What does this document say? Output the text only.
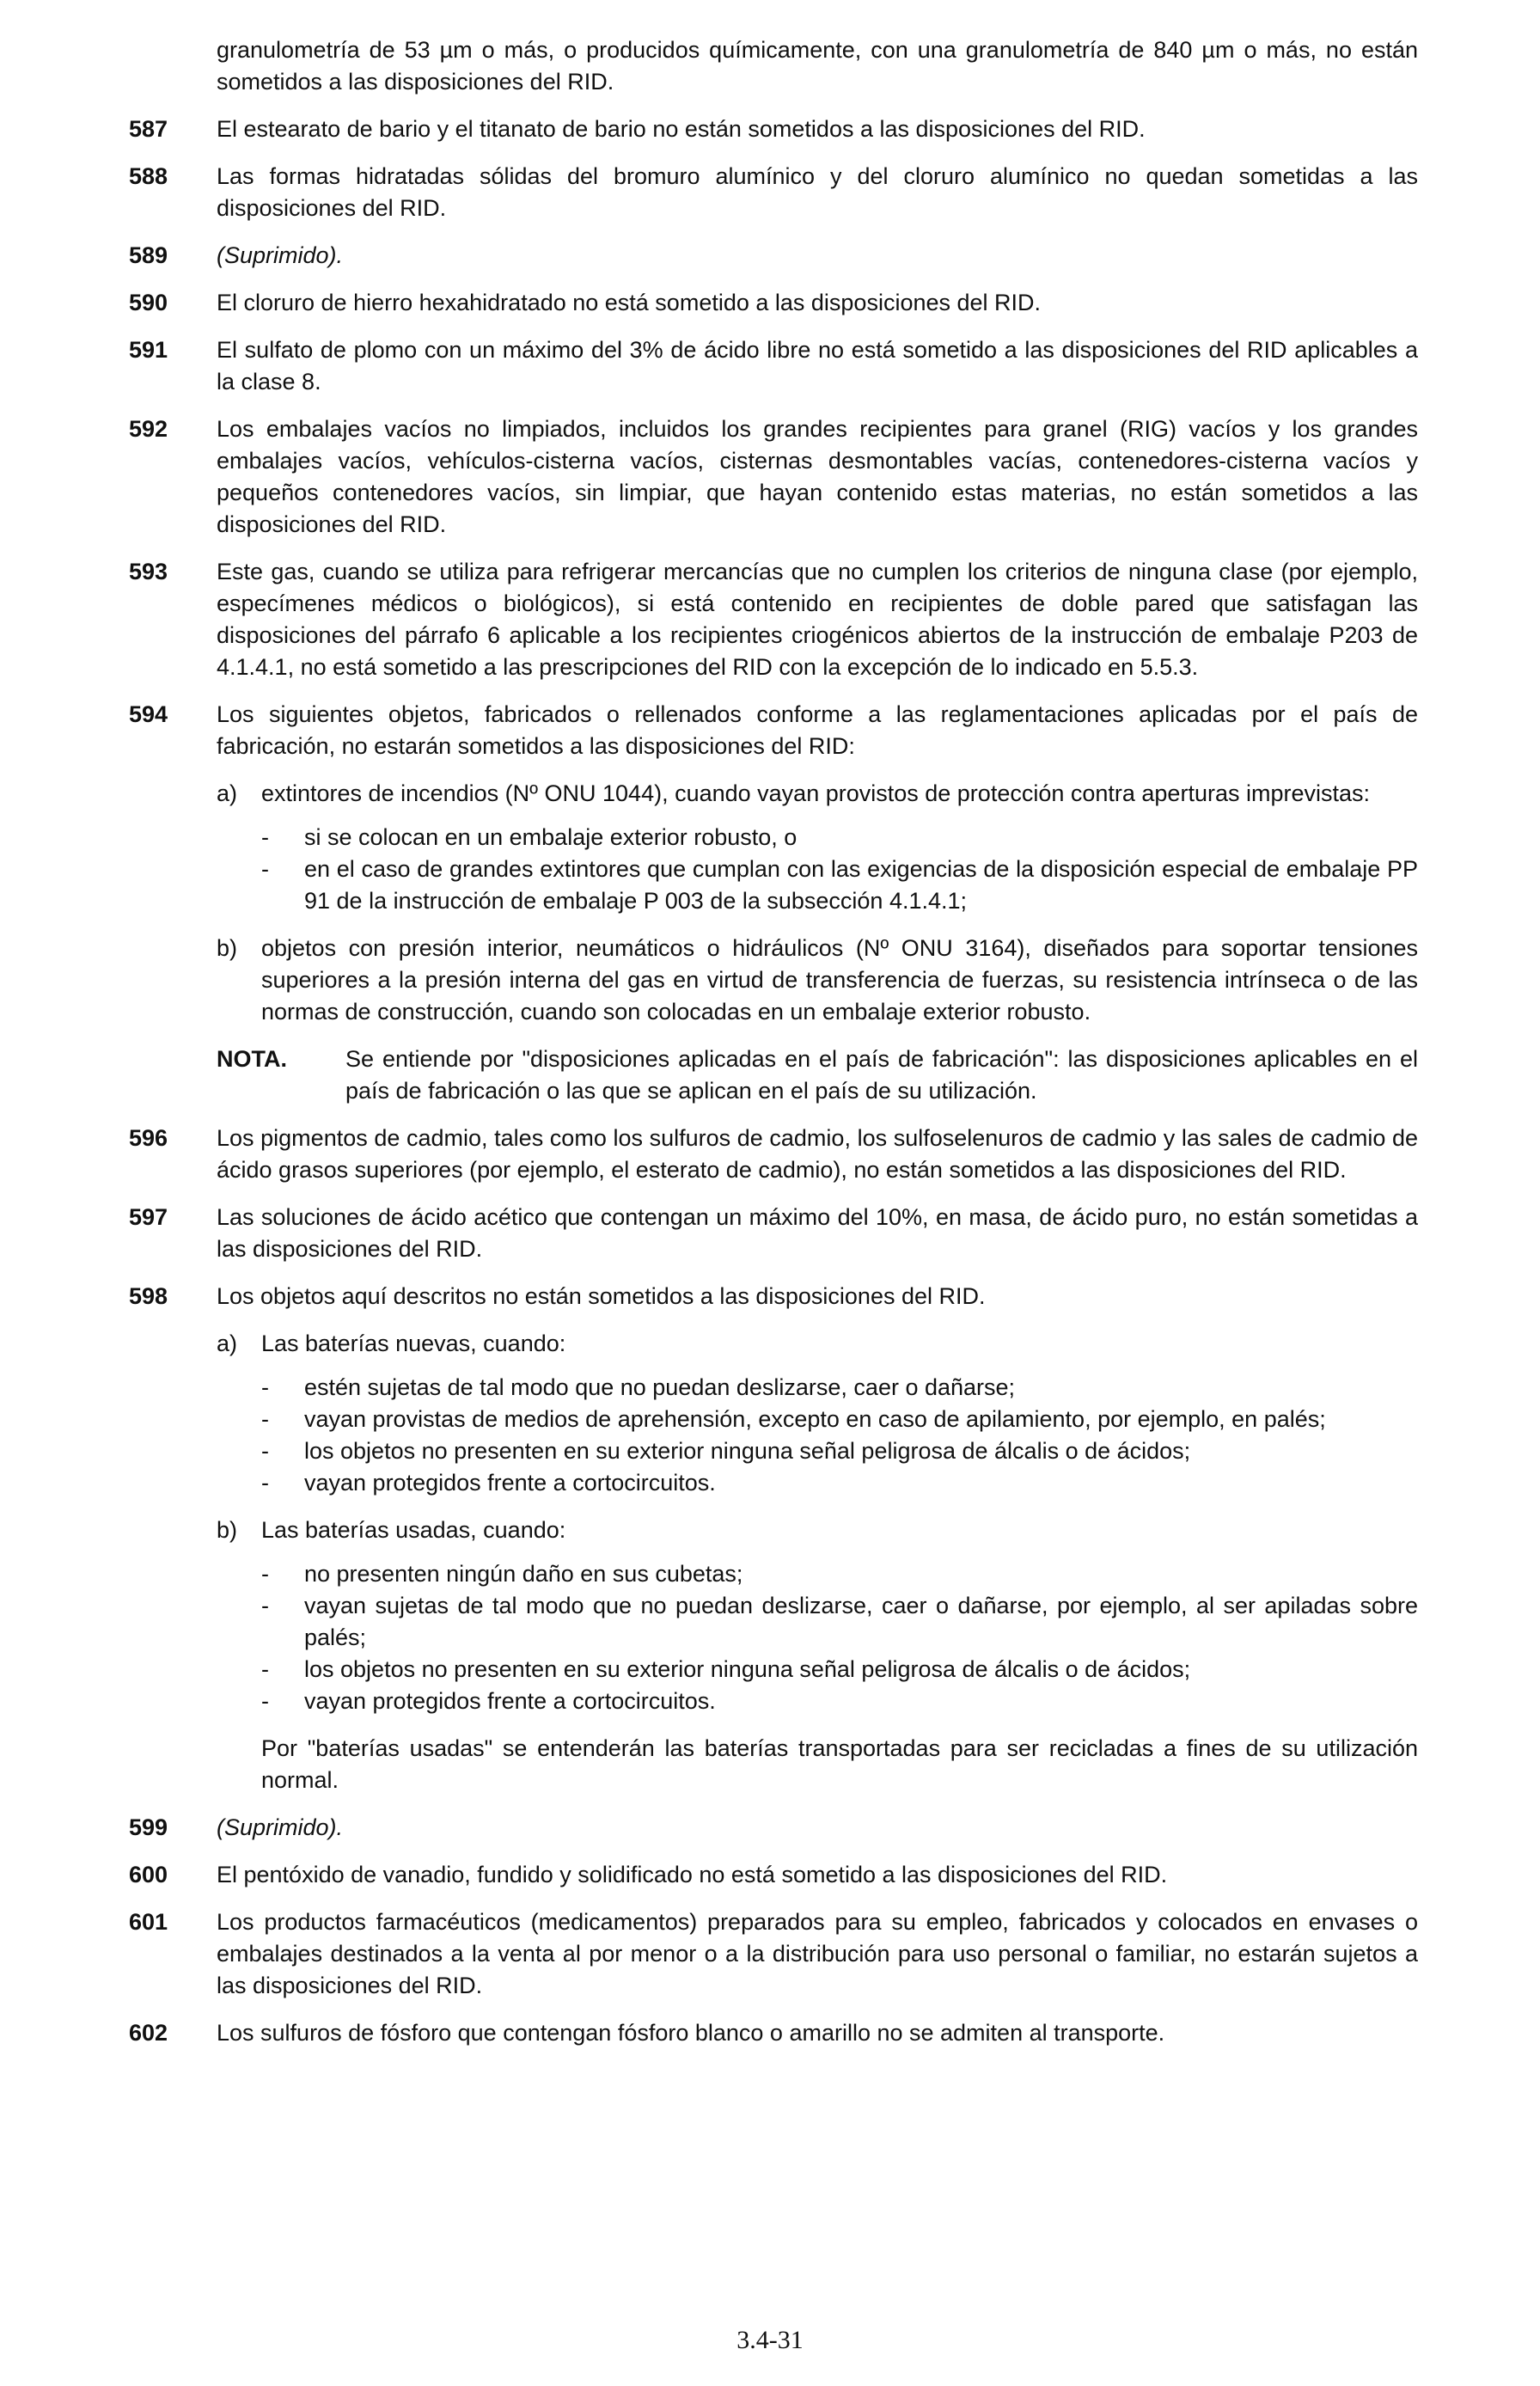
granulometría de 53 µm o más, o producidos químicamente, con una granulometría de 840 µm o más, no están sometidos a las disposiciones del RID.
587	El estearato de bario y el titanato de bario no están sometidos a las disposiciones del RID.
588	Las formas hidratadas sólidas del bromuro alumínico y del cloruro alumínico no quedan sometidas a las disposiciones del RID.
589	(Suprimido).
590	El cloruro de hierro hexahidratado no está sometido a las disposiciones del RID.
591	El sulfato de plomo con un máximo del 3% de ácido libre no está sometido a las disposiciones del RID aplicables a la clase 8.
592	Los embalajes vacíos no limpiados, incluidos los grandes recipientes para granel (RIG) vacíos y los grandes embalajes vacíos, vehículos-cisterna vacíos, cisternas desmontables vacías, contenedores-cisterna vacíos y pequeños contenedores vacíos, sin limpiar, que hayan contenido estas materias, no están sometidos a las disposiciones del RID.
593	Este gas, cuando se utiliza para refrigerar mercancías que no cumplen los criterios de ninguna clase (por ejemplo, especímenes médicos o biológicos), si está contenido en recipientes de doble pared que satisfagan las disposiciones del párrafo 6 aplicable a los recipientes criogénicos abiertos de la instrucción de embalaje P203 de 4.1.4.1, no está sometido a las prescripciones del RID con la excepción de lo indicado en 5.5.3.
594	Los siguientes objetos, fabricados o rellenados conforme a las reglamentaciones aplicadas por el país de fabricación, no estarán sometidos a las disposiciones del RID:
a)	extintores de incendios (Nº ONU 1044), cuando vayan provistos de protección contra aperturas imprevistas:
-	si se colocan en un embalaje exterior robusto, o
-	en el caso de grandes extintores que cumplan con las exigencias de la disposición especial de embalaje PP 91 de la instrucción de embalaje P 003 de la subsección 4.1.4.1;
b)	objetos con presión interior, neumáticos o hidráulicos (Nº ONU 3164), diseñados para soportar tensiones superiores a la presión interna del gas en virtud de transferencia de fuerzas, su resistencia intrínseca o de las normas de construcción, cuando son colocadas en un embalaje exterior robusto.
NOTA.	Se entiende por "disposiciones aplicadas en el país de fabricación": las disposiciones aplicables en el país de fabricación o las que se aplican en el país de su utilización.
596	Los pigmentos de cadmio, tales como los sulfuros de cadmio, los sulfoselenuros de cadmio y las sales de cadmio de ácido grasos superiores (por ejemplo, el esterato de cadmio), no están sometidos a las disposiciones del RID.
597	Las soluciones de ácido acético que contengan un máximo del 10%, en masa, de ácido puro, no están sometidas a las disposiciones del RID.
598	Los objetos aquí descritos no están sometidos a las disposiciones del RID.
a)	Las baterías nuevas, cuando:
-	estén sujetas de tal modo que no puedan deslizarse, caer o dañarse;
-	vayan provistas de medios de aprehensión, excepto en caso de apilamiento, por ejemplo, en palés;
-	los objetos no presenten en su exterior ninguna señal peligrosa de álcalis o de ácidos;
-	vayan protegidos frente a cortocircuitos.
b)	Las baterías usadas, cuando:
-	no presenten ningún daño en sus cubetas;
-	vayan sujetas de tal modo que no puedan deslizarse, caer o dañarse, por ejemplo, al ser apiladas sobre palés;
-	los objetos no presenten en su exterior ninguna señal peligrosa de álcalis o de ácidos;
-	vayan protegidos frente a cortocircuitos.
Por "baterías usadas" se entenderán las baterías transportadas para ser recicladas a fines de su utilización normal.
599	(Suprimido).
600	El pentóxido de vanadio, fundido y solidificado no está sometido a las disposiciones del RID.
601	Los productos farmacéuticos (medicamentos) preparados para su empleo, fabricados y colocados en envases o embalajes destinados a la venta al por menor o a la distribución para uso personal o familiar, no estarán sujetos a las disposiciones del RID.
602	Los sulfuros de fósforo que contengan fósforo blanco o amarillo no se admiten al transporte.
3.4-31
